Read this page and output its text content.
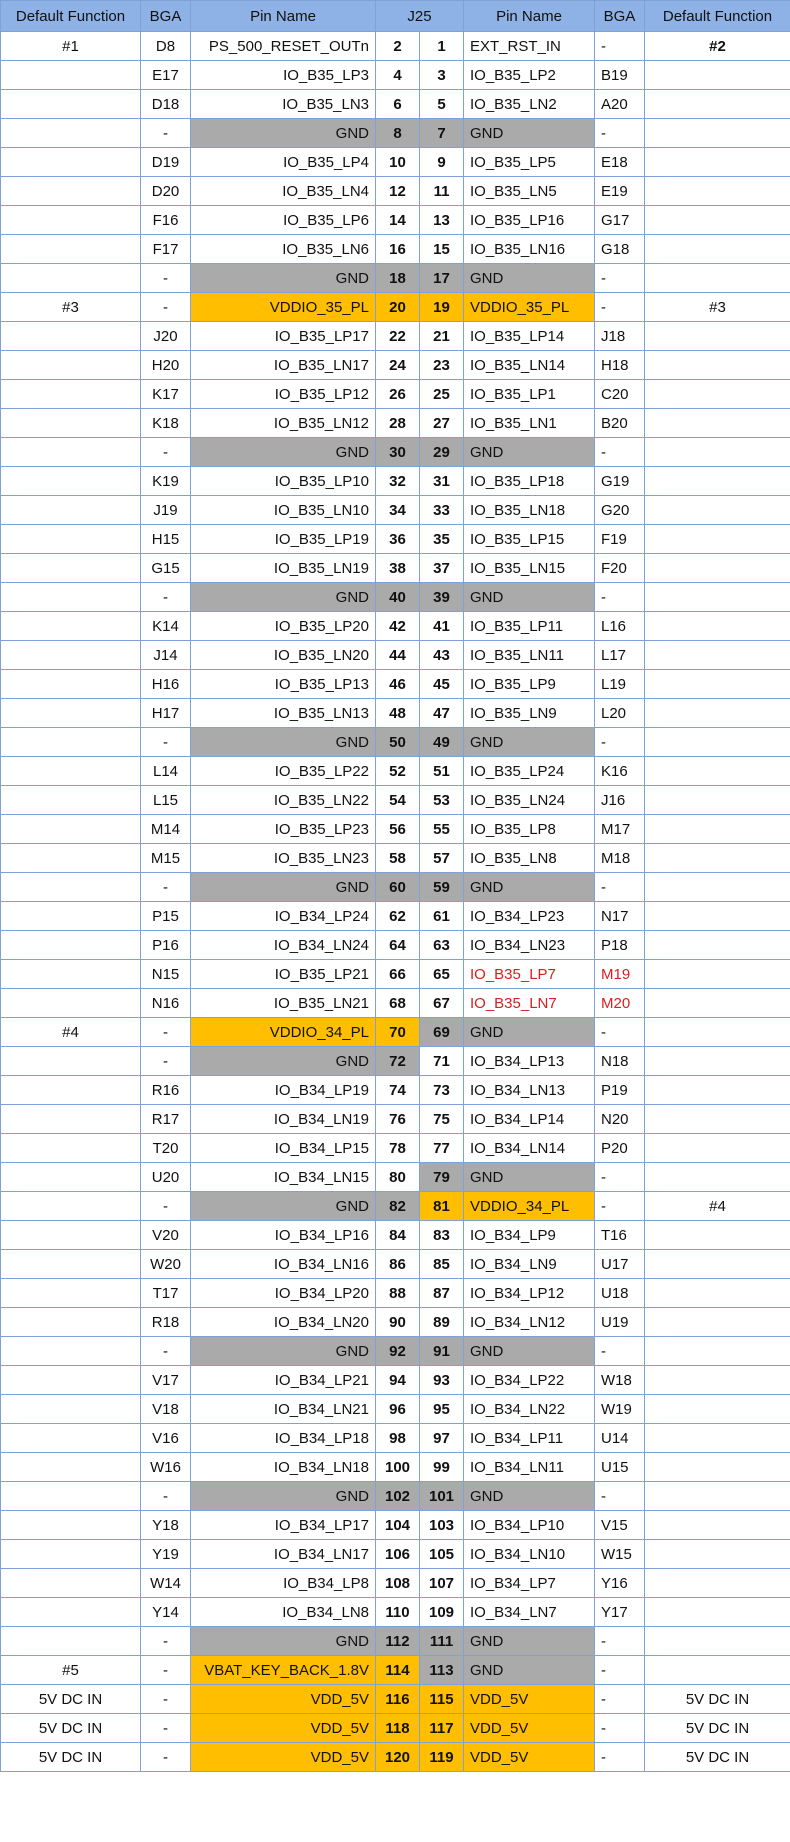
Default Function	BGA	Pin Name	J25		Pin Name	BGA	Default Function
#1	D8	PS_500_RESET_OUTn	2	1	EXT_RST_IN	-	#2
	E17	IO_B35_LP3	4	3	IO_B35_LP2	B19	
	D18	IO_B35_LN3	6	5	IO_B35_LN2	A20	
	-	GND	8	7	GND	-	
	D19	IO_B35_LP4	10	9	IO_B35_LP5	E18	
	D20	IO_B35_LN4	12	11	IO_B35_LN5	E19	
	F16	IO_B35_LP6	14	13	IO_B35_LP16	G17	
	F17	IO_B35_LN6	16	15	IO_B35_LN16	G18	
	-	GND	18	17	GND	-	
#3	-	VDDIO_35_PL	20	19	VDDIO_35_PL	-	#3
	J20	IO_B35_LP17	22	21	IO_B35_LP14	J18	
	H20	IO_B35_LN17	24	23	IO_B35_LN14	H18	
	K17	IO_B35_LP12	26	25	IO_B35_LP1	C20	
	K18	IO_B35_LN12	28	27	IO_B35_LN1	B20	
	-	GND	30	29	GND	-	
	K19	IO_B35_LP10	32	31	IO_B35_LP18	G19	
	J19	IO_B35_LN10	34	33	IO_B35_LN18	G20	
	H15	IO_B35_LP19	36	35	IO_B35_LP15	F19	
	G15	IO_B35_LN19	38	37	IO_B35_LN15	F20	
	-	GND	40	39	GND	-	
	K14	IO_B35_LP20	42	41	IO_B35_LP11	L16	
	J14	IO_B35_LN20	44	43	IO_B35_LN11	L17	
	H16	IO_B35_LP13	46	45	IO_B35_LP9	L19	
	H17	IO_B35_LN13	48	47	IO_B35_LN9	L20	
	-	GND	50	49	GND	-	
	L14	IO_B35_LP22	52	51	IO_B35_LP24	K16	
	L15	IO_B35_LN22	54	53	IO_B35_LN24	J16	
	M14	IO_B35_LP23	56	55	IO_B35_LP8	M17	
	M15	IO_B35_LN23	58	57	IO_B35_LN8	M18	
	-	GND	60	59	GND	-	
	P15	IO_B34_LP24	62	61	IO_B34_LP23	N17	
	P16	IO_B34_LN24	64	63	IO_B34_LN23	P18	
	N15	IO_B35_LP21	66	65	IO_B35_LP7	M19	
	N16	IO_B35_LN21	68	67	IO_B35_LN7	M20	
#4	-	VDDIO_34_PL	70	69	GND	-	
	-	GND	72	71	IO_B34_LP13	N18	
	R16	IO_B34_LP19	74	73	IO_B34_LN13	P19	
	R17	IO_B34_LN19	76	75	IO_B34_LP14	N20	
	T20	IO_B34_LP15	78	77	IO_B34_LN14	P20	
	U20	IO_B34_LN15	80	79	GND	-	
	-	GND	82	81	VDDIO_34_PL	-	#4
	V20	IO_B34_LP16	84	83	IO_B34_LP9	T16	
	W20	IO_B34_LN16	86	85	IO_B34_LN9	U17	
	T17	IO_B34_LP20	88	87	IO_B34_LP12	U18	
	R18	IO_B34_LN20	90	89	IO_B34_LN12	U19	
	-	GND	92	91	GND	-	
	V17	IO_B34_LP21	94	93	IO_B34_LP22	W18	
	V18	IO_B34_LN21	96	95	IO_B34_LN22	W19	
	V16	IO_B34_LP18	98	97	IO_B34_LP11	U14	
	W16	IO_B34_LN18	100	99	IO_B34_LN11	U15	
	-	GND	102	101	GND	-	
	Y18	IO_B34_LP17	104	103	IO_B34_LP10	V15	
	Y19	IO_B34_LN17	106	105	IO_B34_LN10	W15	
	W14	IO_B34_LP8	108	107	IO_B34_LP7	Y16	
	Y14	IO_B34_LN8	110	109	IO_B34_LN7	Y17	
	-	GND	112	111	GND	-	
#5	-	VBAT_KEY_BACK_1.8V	114	113	GND	-	
5V DC IN	-	VDD_5V	116	115	VDD_5V	-	5V DC IN
5V DC IN	-	VDD_5V	118	117	VDD_5V	-	5V DC IN
5V DC IN	-	VDD_5V	120	119	VDD_5V	-	5V DC IN
